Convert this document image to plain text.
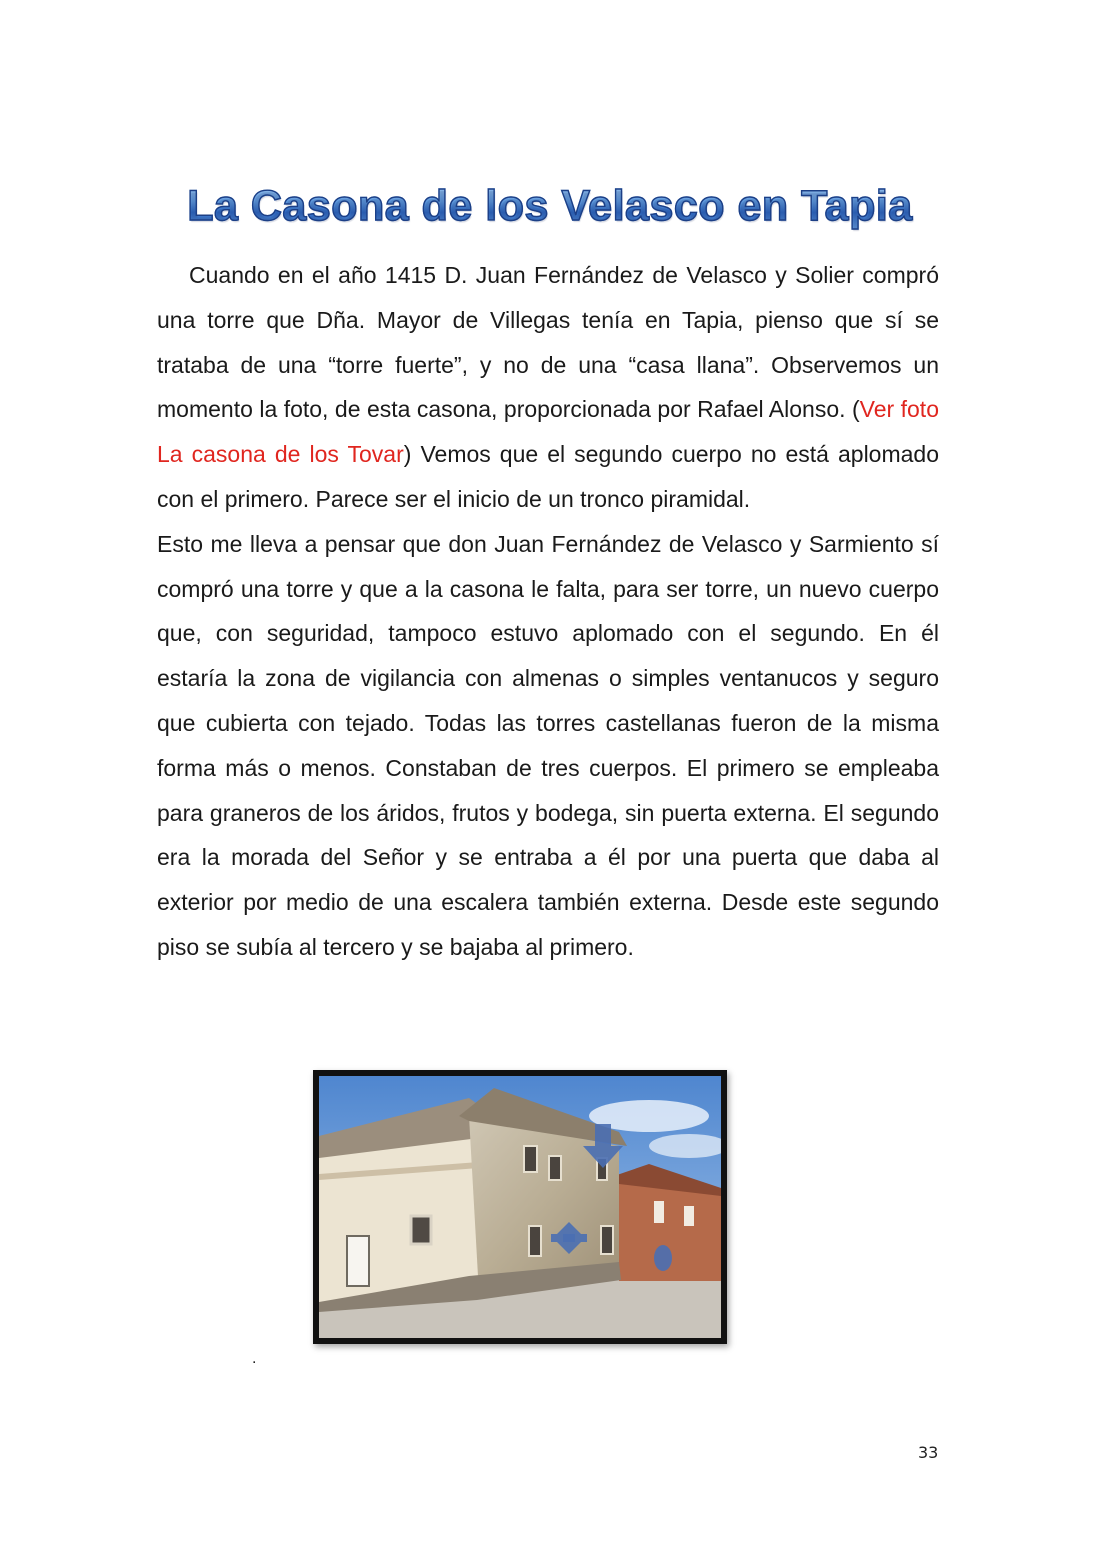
La Casona de los Velasco en Tapia

Cuando en el año 1415 D. Juan Fernández de Velasco y Solier compró una torre que Dña. Mayor de Villegas tenía en Tapia, pienso que sí se trataba de una “torre fuerte”, y no de una “casa llana”. Observemos un momento la foto, de esta casona, proporcionada por Rafael Alonso. (Ver foto La casona de los Tovar) Vemos que el segundo cuerpo no está aplomado con el primero. Parece ser el inicio de un tronco piramidal.

Esto me lleva a pensar que don Juan Fernández de Velasco y Sarmiento sí compró una torre y que a la casona le falta, para ser torre, un nuevo cuerpo que, con seguridad, tampoco estuvo aplomado con el segundo. En él estaría la zona de vigilancia con almenas o simples ventanucos y seguro que cubierta con tejado. Todas las torres castellanas fueron de la misma forma más o menos. Constaban de tres cuerpos. El primero se empleaba para graneros de los áridos, frutos y bodega, sin puerta externa. El segundo era la morada del Señor y se entraba a él por una puerta que daba al exterior por medio de una escalera también externa. Desde este segundo piso se subía al tercero y se bajaba al primero.

.
33
